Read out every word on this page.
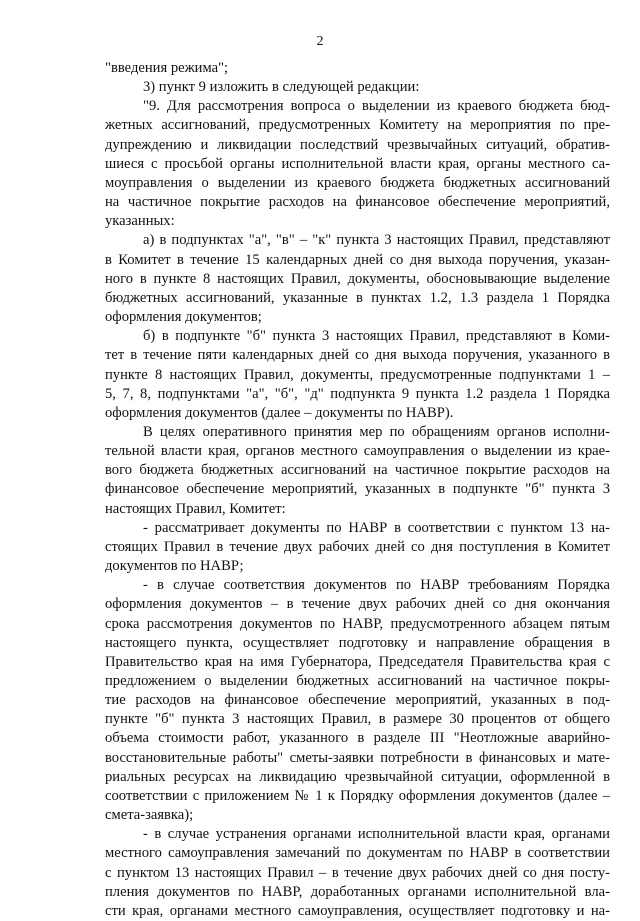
2
"введения режима";
3) пункт 9 изложить в следующей редакции:
"9. Для рассмотрения вопроса о выделении из краевого бюджета бюд-
жетных ассигнований, предусмотренных Комитету на мероприятия по пре-
дупреждению и ликвидации последствий чрезвычайных ситуаций, обратив-
шиеся с просьбой органы исполнительной власти края, органы местного са-
моуправления о выделении из краевого бюджета бюджетных ассигнований
на частичное покрытие расходов на финансовое обеспечение мероприятий,
указанных:
а) в подпунктах "а", "в" – "к" пункта 3 настоящих Правил, представляют
в Комитет в течение 15 календарных дней со дня выхода поручения, указан-
ного в пункте 8 настоящих Правил, документы, обосновывающие выделение
бюджетных ассигнований, указанные в пунктах 1.2, 1.3 раздела 1 Порядка
оформления документов;
б) в подпункте "б" пункта 3 настоящих Правил, представляют в Коми-
тет в течение пяти календарных дней со дня выхода поручения, указанного в
пункте 8 настоящих Правил, документы, предусмотренные подпунктами 1 –
5, 7, 8, подпунктами "а", "б", "д" подпункта 9 пункта 1.2 раздела 1 Порядка
оформления документов (далее – документы по НАВР).
В целях оперативного принятия мер по обращениям органов исполни-
тельной власти края, органов местного самоуправления о выделении из крае-
вого бюджета бюджетных ассигнований на частичное покрытие расходов на
финансовое обеспечение мероприятий, указанных в подпункте "б" пункта 3
настоящих Правил, Комитет:
- рассматривает документы по НАВР в соответствии с пунктом 13 на-
стоящих Правил в течение двух рабочих дней со дня поступления в Комитет
документов по НАВР;
- в случае соответствия документов по НАВР требованиям Порядка
оформления документов – в течение двух рабочих дней со дня окончания
срока рассмотрения документов по НАВР, предусмотренного абзацем пятым
настоящего пункта, осуществляет подготовку и направление обращения в
Правительство края на имя Губернатора, Председателя Правительства края с
предложением о выделении бюджетных ассигнований на частичное покры-
тие расходов на финансовое обеспечение мероприятий, указанных в под-
пункте "б" пункта 3 настоящих Правил, в размере 30 процентов от общего
объема стоимости работ, указанного в разделе III "Неотложные аварийно-
восстановительные работы" сметы-заявки потребности в финансовых и мате-
риальных ресурсах на ликвидацию чрезвычайной ситуации, оформленной в
соответствии с приложением № 1 к Порядку оформления документов (далее –
смета-заявка);
- в случае устранения органами исполнительной власти края, органами
местного самоуправления замечаний по документам по НАВР в соответствии
с пунктом 13 настоящих Правил – в течение двух рабочих дней со дня посту-
пления документов по НАВР, доработанных органами исполнительной вла-
сти края, органами местного самоуправления, осуществляет подготовку и на-
